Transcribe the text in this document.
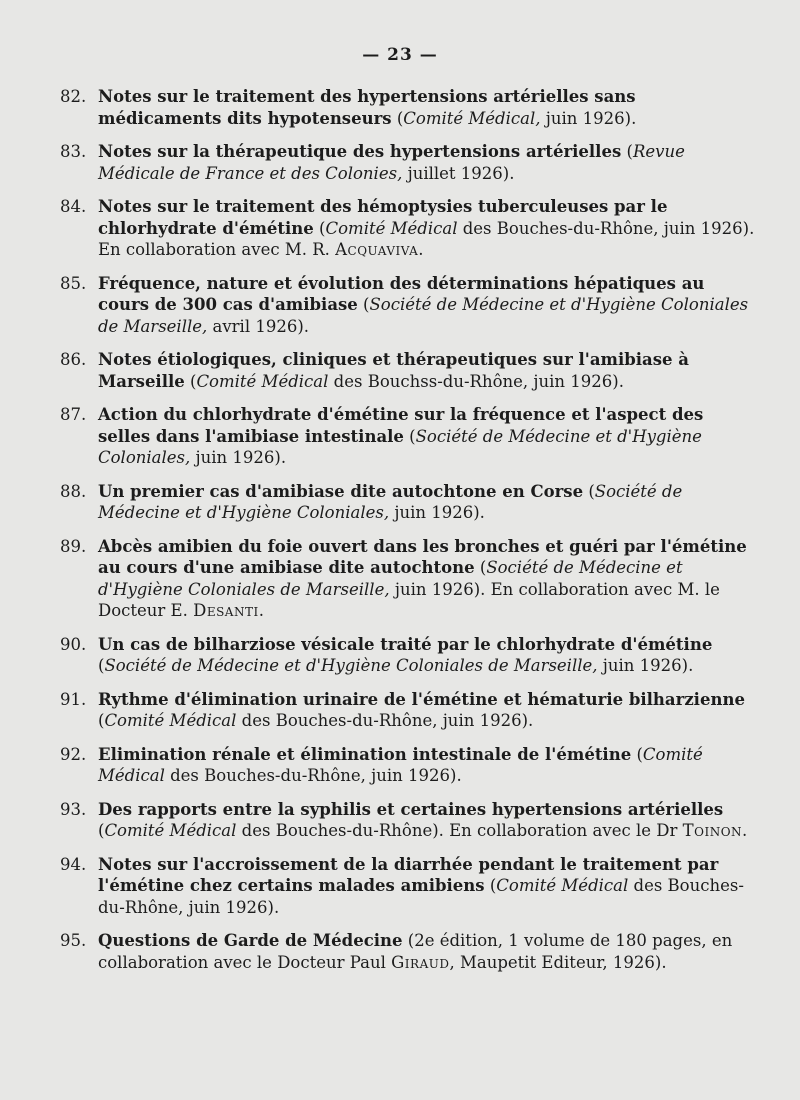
— 23 —
82. Notes sur le traitement des hypertensions artérielles sans médicaments dits hypotenseurs (Comité Médical, juin 1926).
83. Notes sur la thérapeutique des hypertensions artérielles (Revue Médicale de France et des Colonies, juillet 1926).
84. Notes sur le traitement des hémoptysies tuberculeuses par le chlorhydrate d'émétine (Comité Médical des Bouches-du-Rhône, juin 1926). En collaboration avec M. R. Acquaviva.
85. Fréquence, nature et évolution des déterminations hépatiques au cours de 300 cas d'amibiase (Société de Médecine et d'Hygiène Coloniales de Marseille, avril 1926).
86. Notes étiologiques, cliniques et thérapeutiques sur l'amibiase à Marseille (Comité Médical des Bouchss-du-Rhône, juin 1926).
87. Action du chlorhydrate d'émétine sur la fréquence et l'aspect des selles dans l'amibiase intestinale (Société de Médecine et d'Hygiène Coloniales, juin 1926).
88. Un premier cas d'amibiase dite autochtone en Corse (Société de Médecine et d'Hygiène Coloniales, juin 1926).
89. Abcès amibien du foie ouvert dans les bronches et guéri par l'émétine au cours d'une amibiase dite autochtone (Société de Médecine et d'Hygiène Coloniales de Marseille, juin 1926). En collaboration avec M. le Docteur E. Desanti.
90. Un cas de bilharziose vésicale traité par le chlorhydrate d'émétine (Société de Médecine et d'Hygiène Coloniales de Marseille, juin 1926).
91. Rythme d'élimination urinaire de l'émétine et hématurie bilharzienne (Comité Médical des Bouches-du-Rhône, juin 1926).
92. Elimination rénale et élimination intestinale de l'émétine (Comité Médical des Bouches-du-Rhône, juin 1926).
93. Des rapports entre la syphilis et certaines hypertensions artérielles (Comité Médical des Bouches-du-Rhône). En collaboration avec le Dr Toinon.
94. Notes sur l'accroissement de la diarrhée pendant le traitement par l'émétine chez certains malades amibiens (Comité Médical des Bouches-du-Rhône, juin 1926).
95. Questions de Garde de Médecine (2e édition, 1 volume de 180 pages, en collaboration avec le Docteur Paul Giraud, Maupetit Editeur, 1926).
